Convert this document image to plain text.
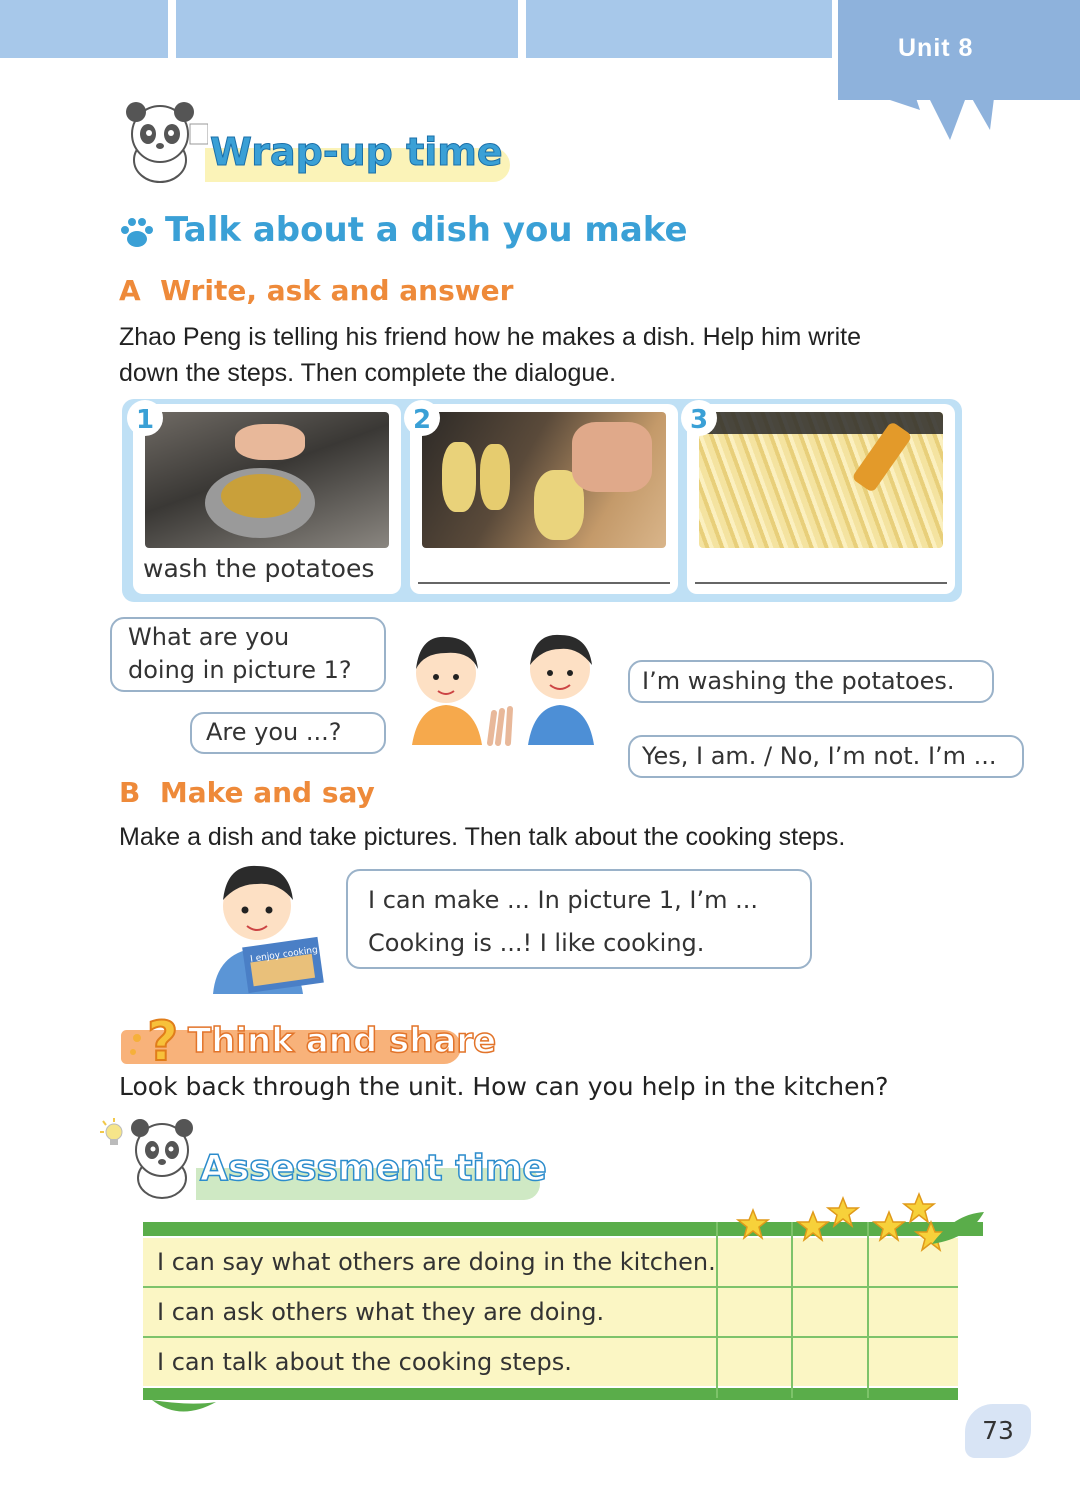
Unit 8
Wrap-up time
Talk about a dish you make
A  Write, ask and answer
Zhao Peng is telling his friend how he makes a dish. Help him write
down the steps. Then complete the dialogue.
1
wash the potatoes
2	3
What are you
doing in picture 1?
Are you ...?
I’m washing the potatoes.
Yes, I am. / No, I’m not. I’m ...
B  Make and say
Make a dish and take pictures. Then talk about the cooking steps.
I enjoy cooking
I can make ... In picture 1, I’m ...
Cooking is ...! I like cooking.
? Think and share
Look back through the unit. How can you help in the kitchen?
Assessment time
I can say what others are doing in the kitchen.
I can ask others what they are doing.
I can talk about the cooking steps.
73
